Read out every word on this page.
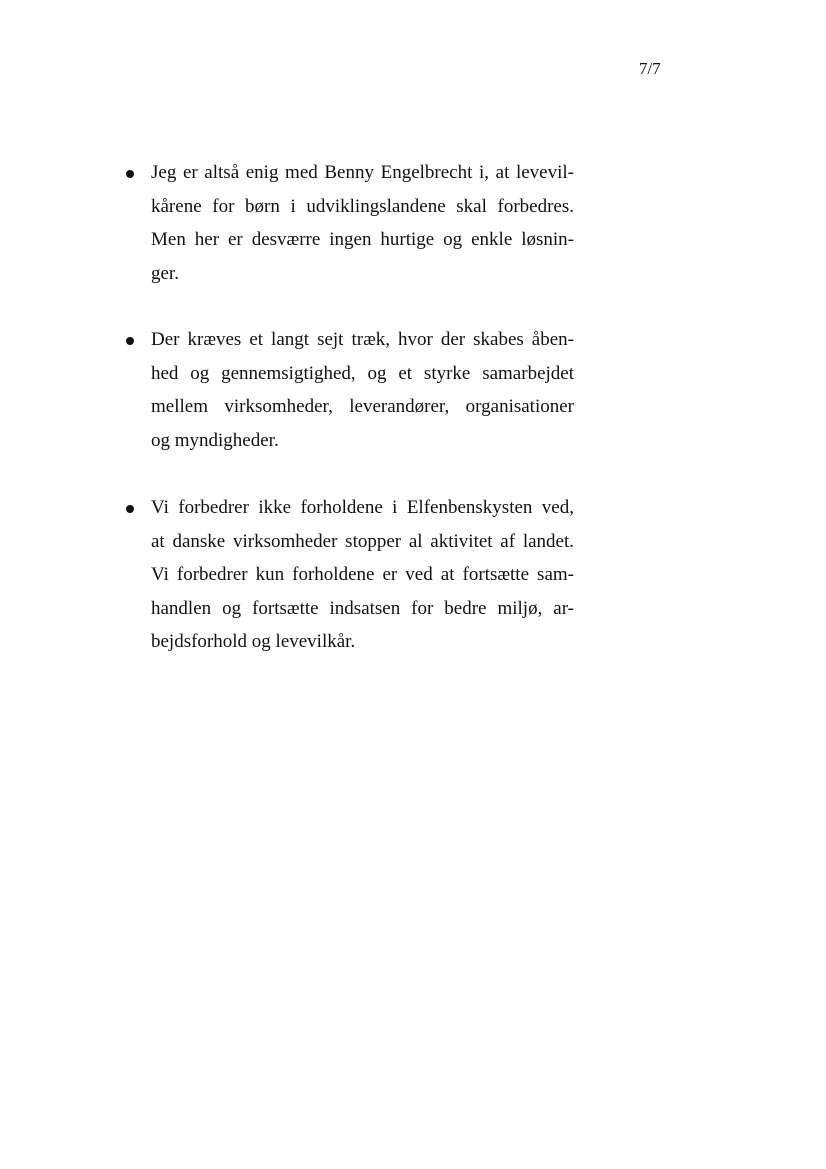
7/7

Jeg er altså enig med Benny Engelbrecht i, at levevil-
kårene for børn i udviklingslandene skal forbedres.
Men her er desværre ingen hurtige og enkle løsnin-
ger.

Der kræves et langt sejt træk, hvor der skabes åben-
hed og gennemsigtighed, og et styrke samarbejdet
mellem virksomheder, leverandører, organisationer
og myndigheder.

Vi forbedrer ikke forholdene i Elfenbenskysten ved,
at danske virksomheder stopper al aktivitet af landet.
Vi forbedrer kun forholdene er ved at fortsætte sam-
handlen og fortsætte indsatsen for bedre miljø, ar-
bejdsforhold og levevilkår.
